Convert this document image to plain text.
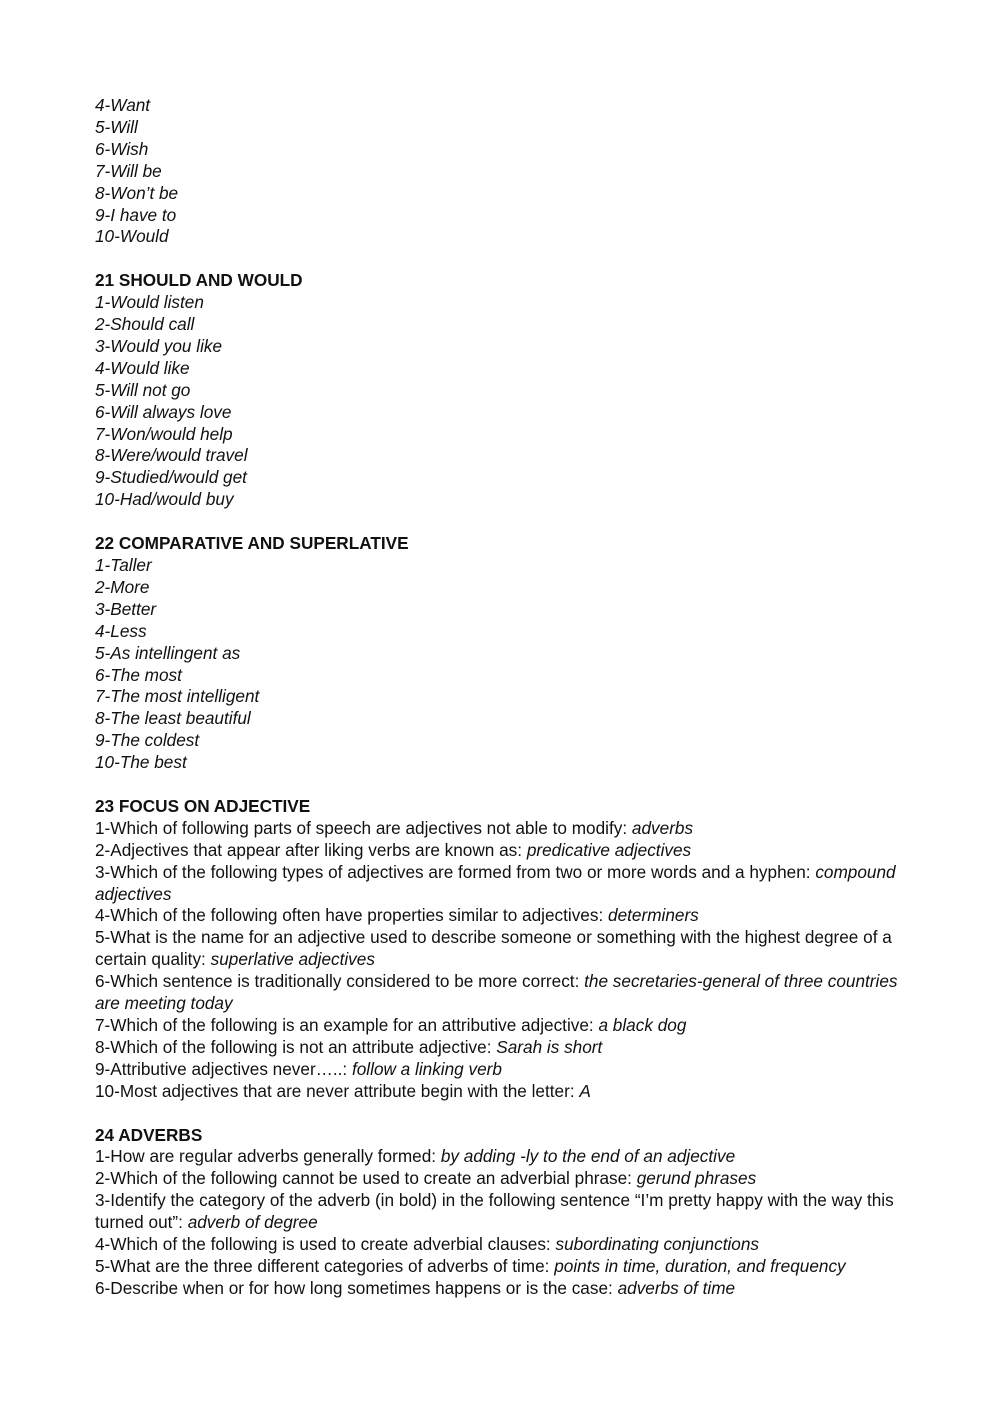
4-Want
5-Will
6-Wish
7-Will be
8-Won’t be
9-I have to
10-Would
21 SHOULD AND WOULD
1-Would listen
2-Should call
3-Would you like
4-Would like
5-Will not go
6-Will always love
7-Won/would help
8-Were/would travel
9-Studied/would get
10-Had/would buy
22 COMPARATIVE AND SUPERLATIVE
1-Taller
2-More
3-Better
4-Less
5-As intellingent as
6-The most
7-The most intelligent
8-The least beautiful
9-The coldest
10-The best
23 FOCUS ON ADJECTIVE
1-Which of following parts of speech are adjectives not able to modify: adverbs
2-Adjectives that appear after liking verbs are known as: predicative adjectives
3-Which of the following types of adjectives are formed from two or more words and a hyphen: compound adjectives
4-Which of the following often have properties similar to adjectives: determiners
5-What is the name for an adjective used to describe someone or something with the highest degree of a certain quality: superlative adjectives
6-Which sentence is traditionally considered to be more correct: the secretaries-general of three countries are meeting today
7-Which of the following is an example for an attributive adjective: a black dog
8-Which of the following is not an attribute adjective: Sarah is short
9-Attributive adjectives never…..: follow a linking verb
10-Most adjectives that are never attribute begin with the letter: A
24 ADVERBS
1-How are regular adverbs generally formed: by adding -ly to the end of an adjective
2-Which of the following cannot be used to create an adverbial phrase: gerund phrases
3-Identify the category of the adverb (in bold) in the following sentence “I’m pretty happy with the way this turned out”: adverb of degree
4-Which of the following is used to create adverbial clauses: subordinating conjunctions
5-What are the three different categories of adverbs of time: points in time, duration, and frequency
6-Describe when or for how long sometimes happens or is the case: adverbs of time
